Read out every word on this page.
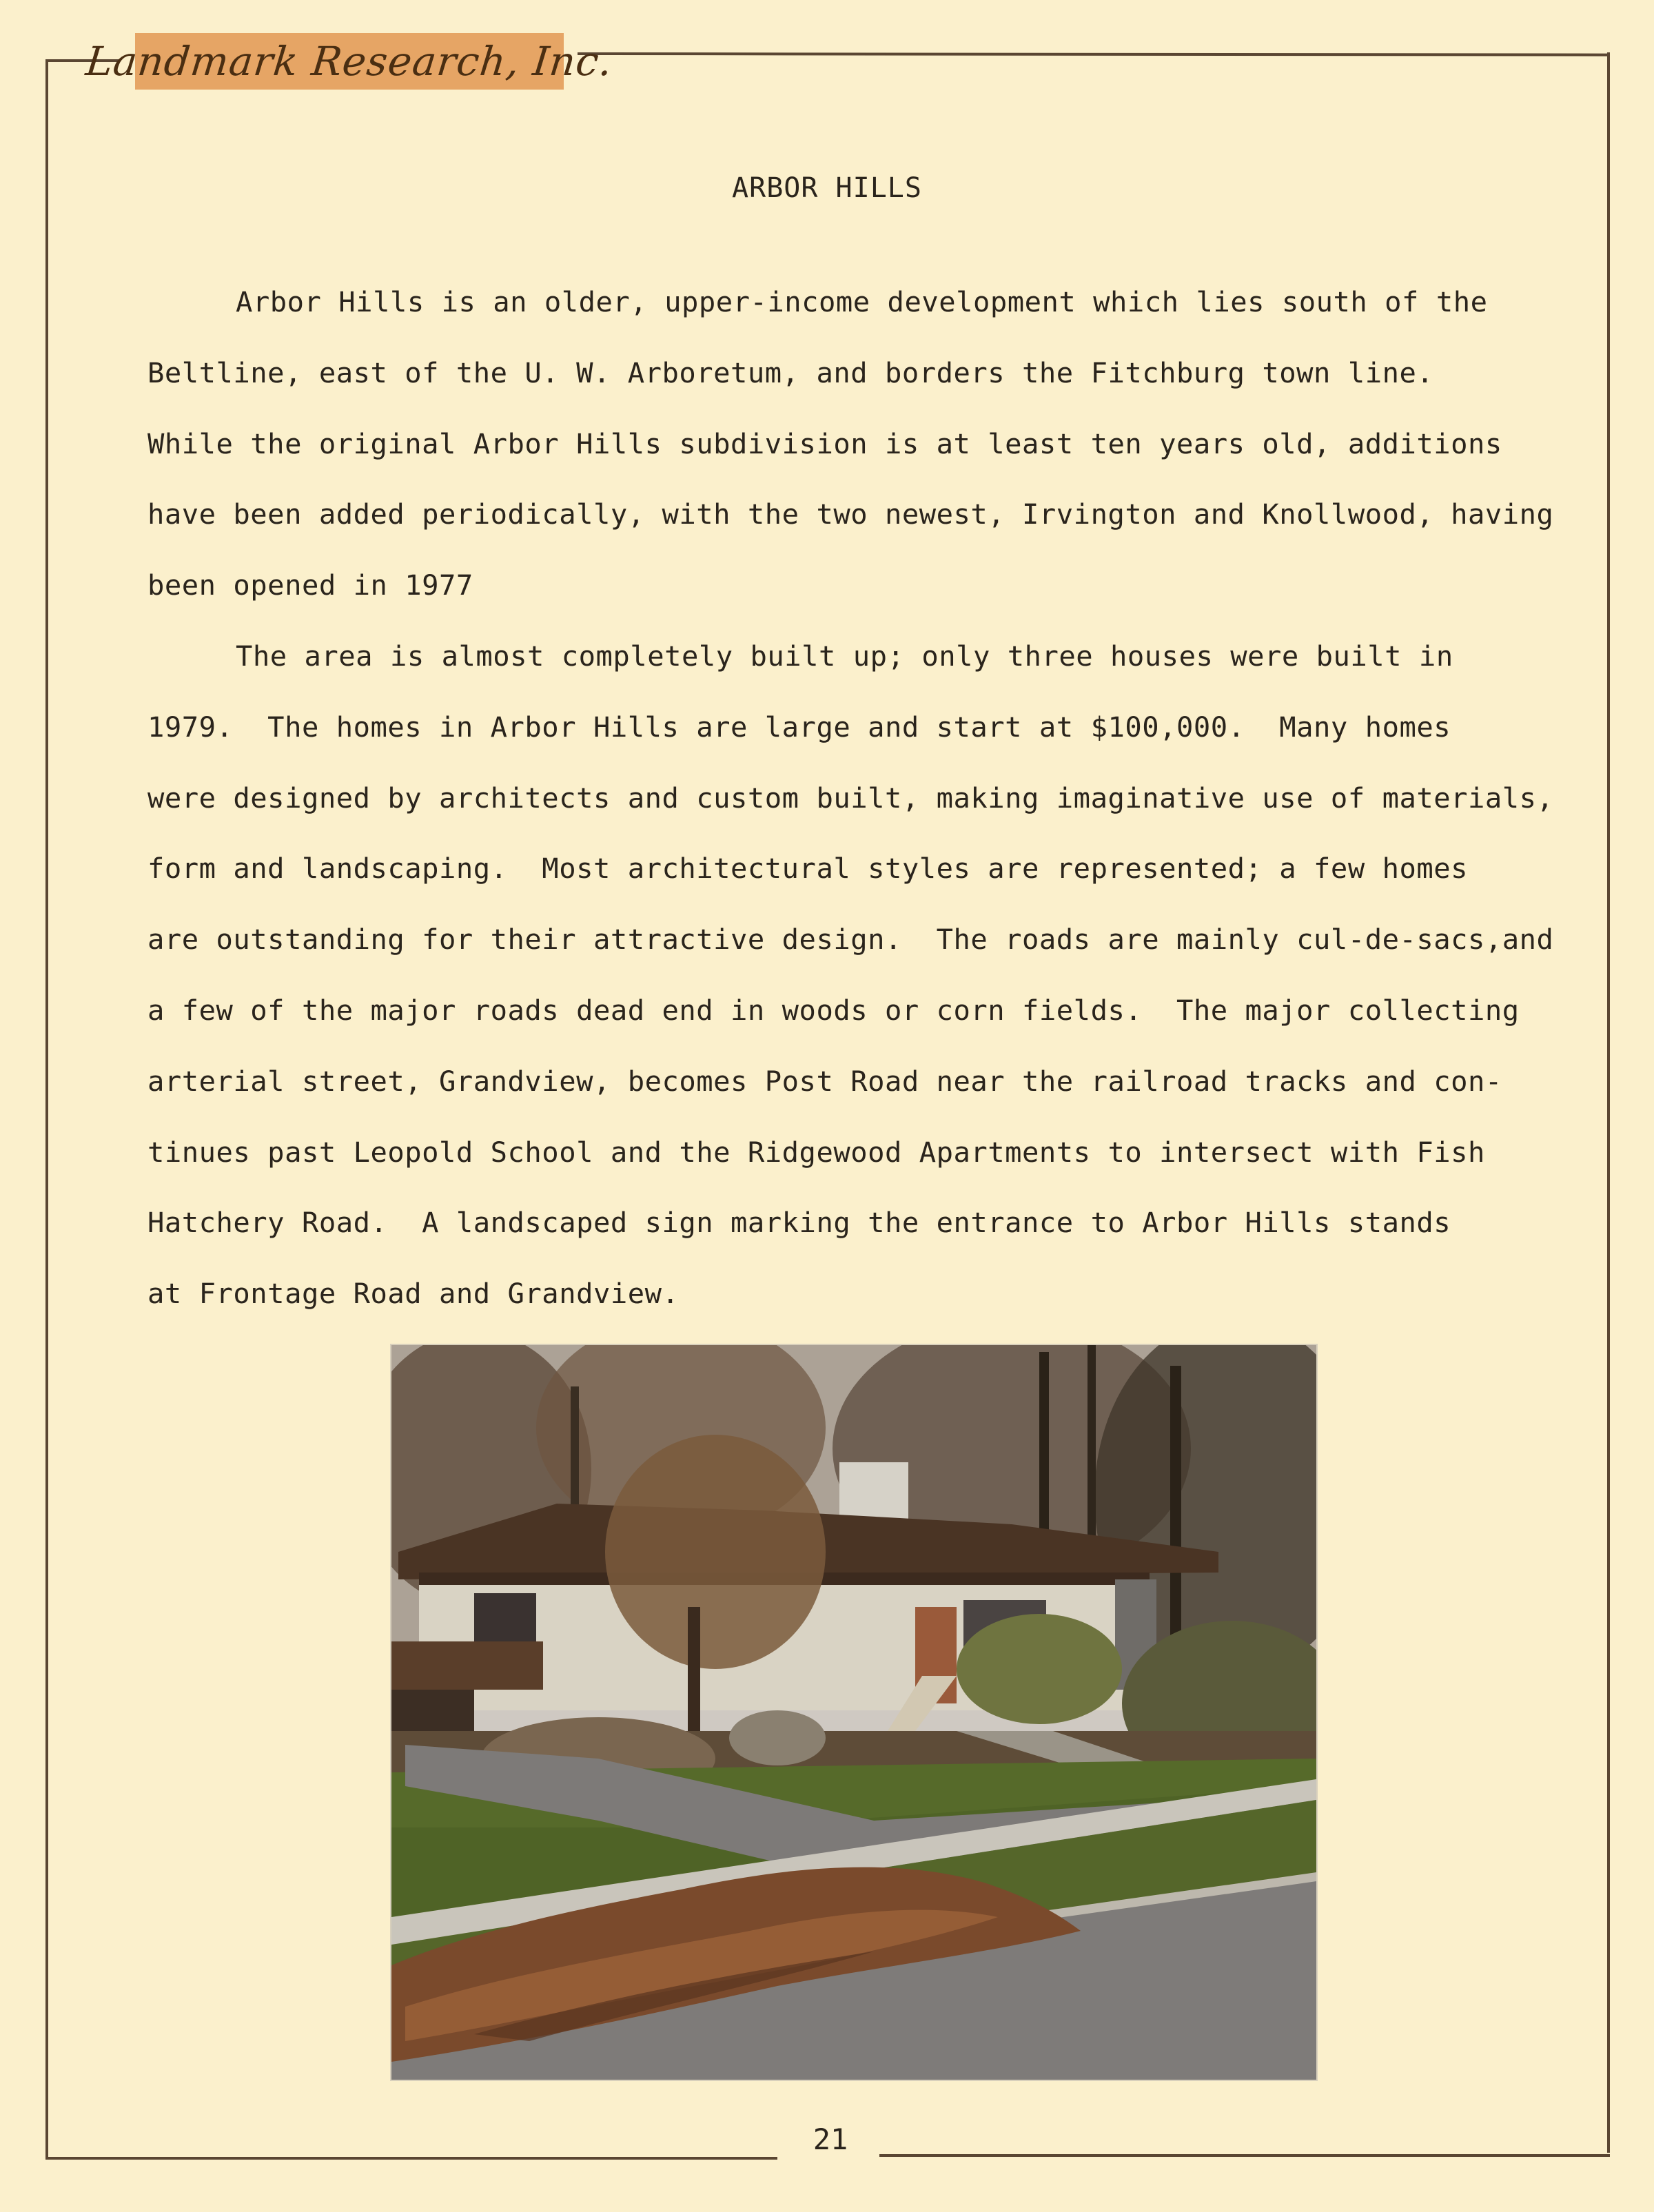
Landmark Research, Inc.
ARBOR HILLS
Arbor Hills is an older, upper-income development which lies south of the
Beltline, east of the U. W. Arboretum, and borders the Fitchburg town line.
While the original Arbor Hills subdivision is at least ten years old, additions
have been added periodically, with the two newest, Irvington and Knollwood, having
been opened in 1977
The area is almost completely built up; only three houses were built in
1979.  The homes in Arbor Hills are large and start at $100,000.  Many homes
were designed by architects and custom built, making imaginative use of materials,
form and landscaping.  Most architectural styles are represented; a few homes
are outstanding for their attractive design.  The roads are mainly cul-de-sacs,and
a few of the major roads dead end in woods or corn fields.  The major collecting
arterial street, Grandview, becomes Post Road near the railroad tracks and con-
tinues past Leopold School and the Ridgewood Apartments to intersect with Fish
Hatchery Road.  A landscaped sign marking the entrance to Arbor Hills stands
at Frontage Road and Grandview.
21
